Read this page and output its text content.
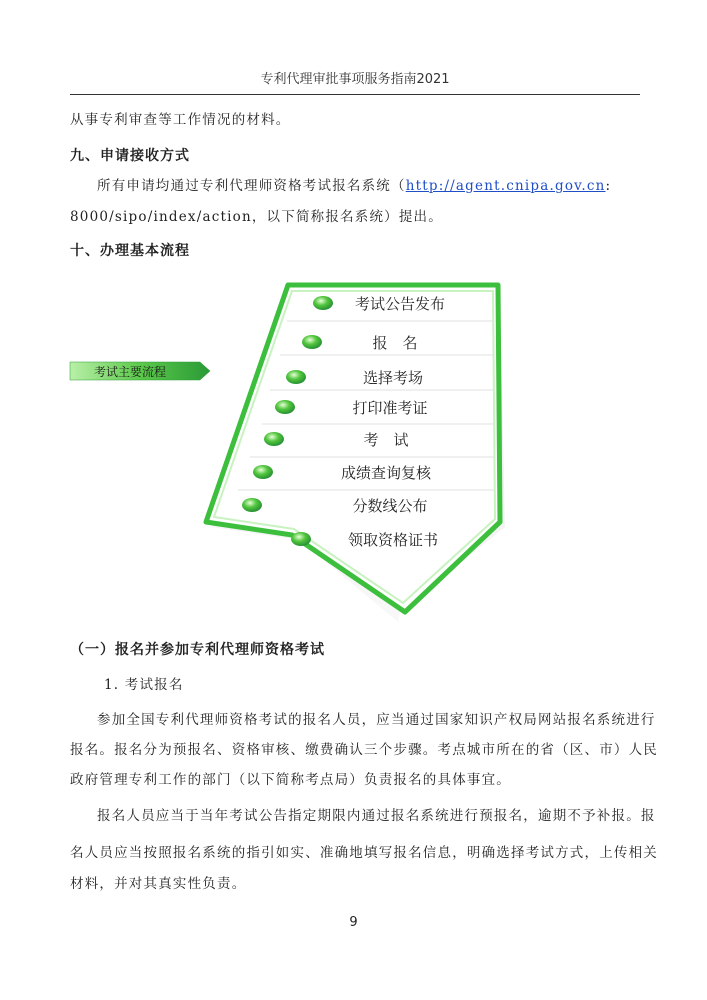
专利代理审批事项服务指南2021
从事专利审查等工作情况的材料。
九、申请接收方式
所有申请均通过专利代理师资格考试报名系统（http://agent.cnipa.gov.cn:
8000/sipo/index/action，以下简称报名系统）提出。
十、办理基本流程
考试主要流程
考试公告发布
报　名
选择考场
打印准考证
考　试
成绩查询复核
分数线公布
领取资格证书
（一）报名并参加专利代理师资格考试
1. 考试报名
参加全国专利代理师资格考试的报名人员，应当通过国家知识产权局网站报名系统进行
报名。报名分为预报名、资格审核、缴费确认三个步骤。考点城市所在的省（区、市）人民
政府管理专利工作的部门（以下简称考点局）负责报名的具体事宜。
报名人员应当于当年考试公告指定期限内通过报名系统进行预报名，逾期不予补报。报
名人员应当按照报名系统的指引如实、准确地填写报名信息，明确选择考试方式，上传相关
材料，并对其真实性负责。
9
